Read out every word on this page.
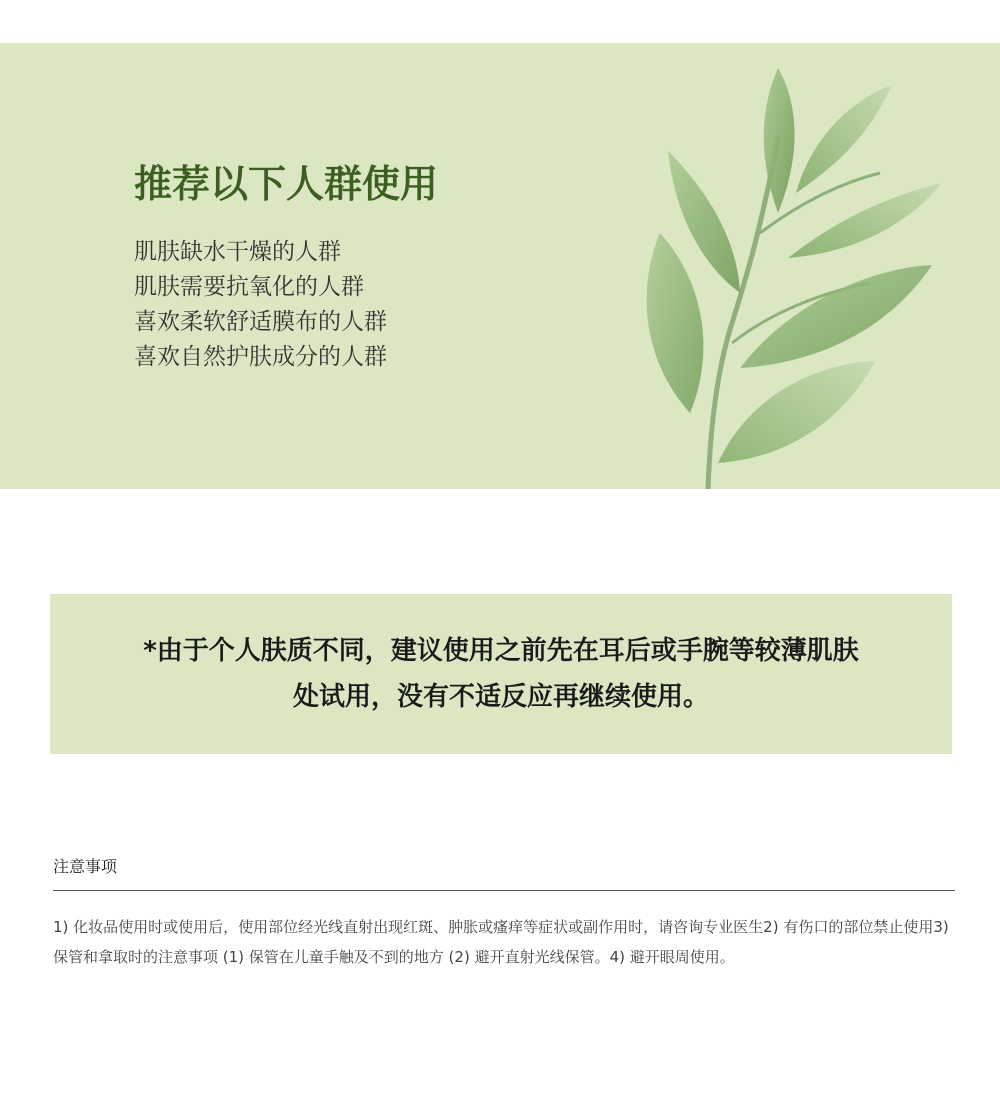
推荐以下人群使用
肌肤缺水干燥的人群
肌肤需要抗氧化的人群
喜欢柔软舒适膜布的人群
喜欢自然护肤成分的人群

*由于个人肤质不同，建议使用之前先在耳后或手腕等较薄肌肤处试用，没有不适反应再继续使用。

注意事项

1) 化妆品使用时或使用后，使用部位经光线直射出现红斑、肿胀或瘙痒等症状或副作用时，请咨询专业医生2) 有伤口的部位禁止使用3) 保管和拿取时的注意事项 (1) 保管在儿童手触及不到的地方 (2) 避开直射光线保管。4) 避开眼周使用。
